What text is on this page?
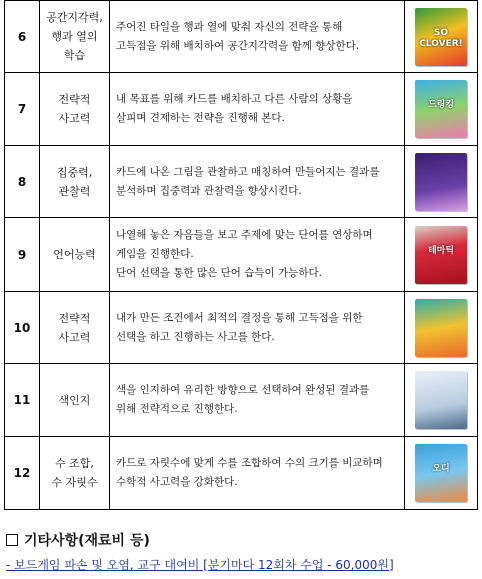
6	공간지각력,
행과 열의
학습	주어진 타일을 행과 열에 맞춰 자신의 전략을 통해
고득점을 위해 배치하여 공간지각력을 함께 향상한다.	SO CLOVER!

7	전략적
사고력	내 목표를 위해 카드를 배치하고 다른 사람의 상황을
살피며 견제하는 전략을 진행해 본다.	드링킹

8	집중력,
관찰력	카드에 나온 그림을 관찰하고 매칭하여 만들어지는 결과를
분석하며 집중력과 관찰력을 향상시킨다.	

9	언어능력	나열해 놓은 자음들을 보고 주제에 맞는 단어를 연상하며
게임을 진행한다.
단어 선택을 통한 많은 단어 습득이 가능하다.	테마틱

10	전략적
사고력	내가 만든 조건에서 최적의 결정을 통해 고득점을 위한
선택을 하고 진행하는 사고를 한다.	

11	색인지	색을 인지하여 유리한 방향으로 선택하여 완성된 결과를
위해 전략적으로 진행한다.	

12	수 조합,
수 자릿수	카드로 자릿수에 맞게 수를 조합하여 수의 크기를 비교하며
수학적 사고력을 강화한다.	오디
기타사항(재료비 등)
- 보드게임 파손 및 오염, 교구 대여비 [분기마다 12회차 수업 - 60,000원]
